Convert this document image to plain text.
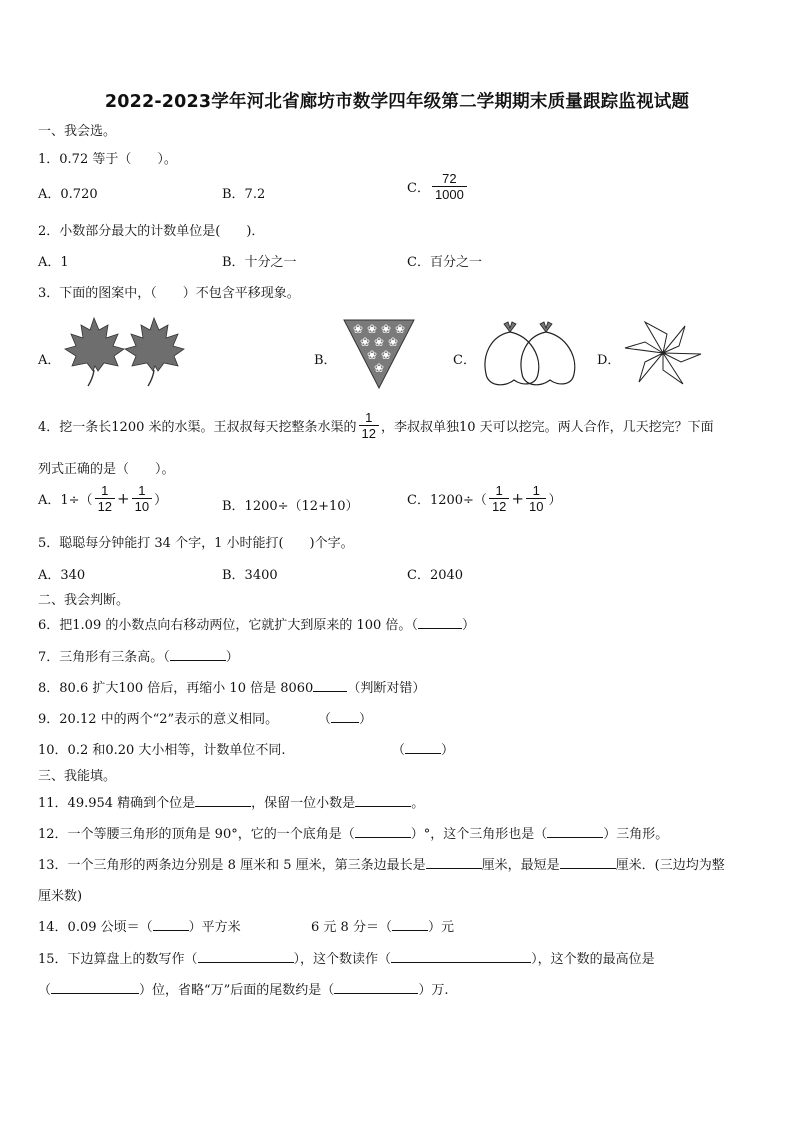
2022-2023学年河北省廊坊市数学四年级第二学期期末质量跟踪监视试题
一、我会选。
1．0.72 等于（　　）。
A．0.720	B．7.2	C． $\frac{72}{1000}$
2．小数部分最大的计数单位是(　　)．
A．1	B．十分之一	C．百分之一
3．下面的图案中，（　　）不包含平移现象。
A．	B．	C．	D．
❀ ❀ ❀ ❀
❀ ❀ ❀
❀ ❀
❀
4．挖一条长1200 米的水渠。王叔叔每天挖整条水渠的 $\frac{1}{12}$ ，李叔叔单独10 天可以挖完。两人合作，几天挖完？下面
列式正确的是（　　）。
A．$1\div( \frac{1}{12} + \frac{1}{10}$ ）	B．1200÷（12+10）	C．$1200\div( \frac{1}{12} + \frac{1}{10}$ ）
5．聪聪每分钟能打 34 个字，1 小时能打(　　)个字。
A．340	B．3400	C．2040
二、我会判断。
6．把1.09 的小数点向右移动两位，它就扩大到原来的 100 倍。（	）
7．三角形有三条高。（	）
8．80.6 扩大100 倍后，再缩小 10 倍是 8060	（判断对错）
9．20.12 中的两个“2”表示的意义相同。	（ ）
10．0.2 和0.20 大小相等，计数单位不同.	（	）
三、我能填。
11．49.954 精确到个位是	，保留一位小数是	。
12．一个等腰三角形的顶角是 90°，它的一个底角是（	）°，这个三角形也是（	）三角形。
13．一个三角形的两条边分别是 8 厘米和 5 厘米，第三条边最长是	厘米，最短是	厘米．(三边均为整
厘米数)
14．0.09 公顷＝（	）平方米	6 元 8 分＝（	）元
15．下边算盘上的数写作（	），这个数读作（	），这个数的最高位是
（	）位，省略“万”后面的尾数约是（	）万.
